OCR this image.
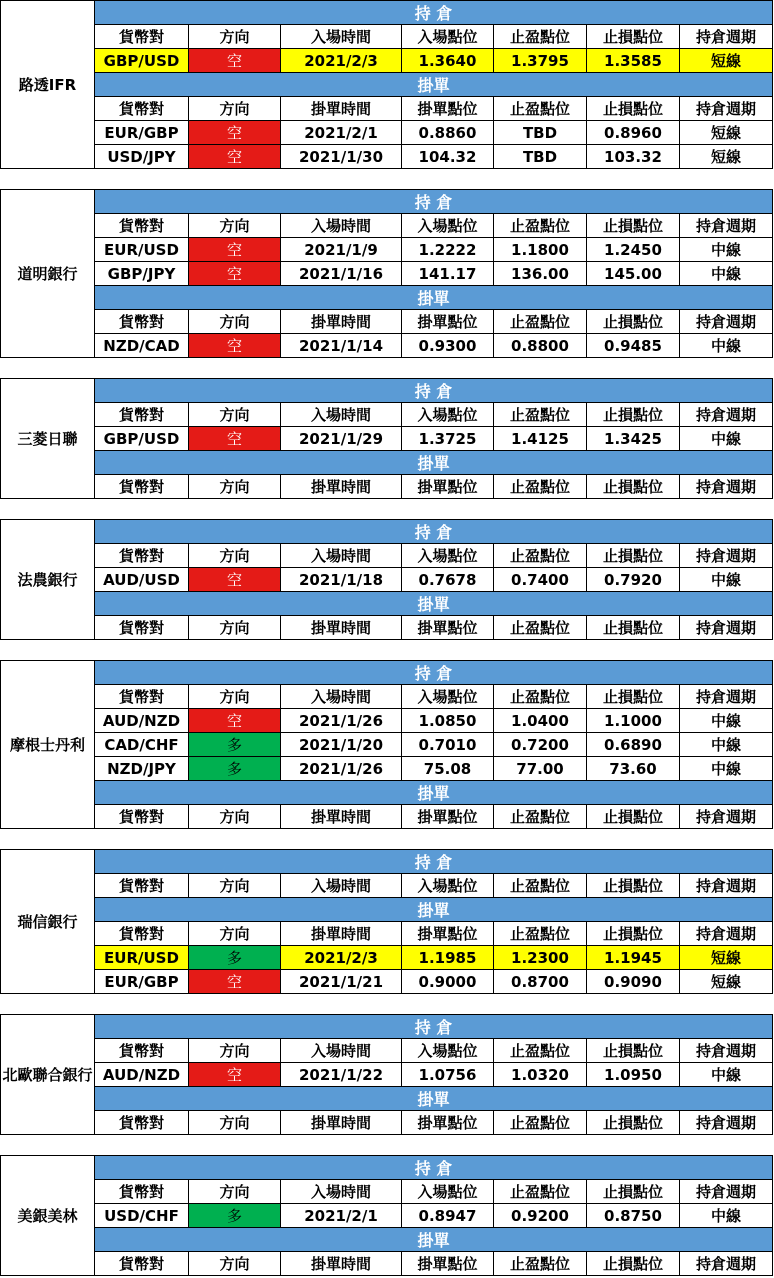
路透IFR	持 倉						
	貨幣對	方向	入場時間	入場點位	止盈點位	止損點位	持倉週期
	GBP/USD	空	2021/2/3	1.3640	1.3795	1.3585	短線
	掛單						
	貨幣對	方向	掛單時間	掛單點位	止盈點位	止損點位	持倉週期
	EUR/GBP	空	2021/2/1	0.8860	TBD	0.8960	短線
	USD/JPY	空	2021/1/30	104.32	TBD	103.32	短線
道明銀行	持 倉						
	貨幣對	方向	入場時間	入場點位	止盈點位	止損點位	持倉週期
	EUR/USD	空	2021/1/9	1.2222	1.1800	1.2450	中線
	GBP/JPY	空	2021/1/16	141.17	136.00	145.00	中線
	掛單						
	貨幣對	方向	掛單時間	掛單點位	止盈點位	止損點位	持倉週期
	NZD/CAD	空	2021/1/14	0.9300	0.8800	0.9485	中線
三菱日聯	持 倉						
	貨幣對	方向	入場時間	入場點位	止盈點位	止損點位	持倉週期
	GBP/USD	空	2021/1/29	1.3725	1.4125	1.3425	中線
	掛單						
	貨幣對	方向	掛單時間	掛單點位	止盈點位	止損點位	持倉週期
法農銀行	持 倉						
	貨幣對	方向	入場時間	入場點位	止盈點位	止損點位	持倉週期
	AUD/USD	空	2021/1/18	0.7678	0.7400	0.7920	中線
	掛單						
	貨幣對	方向	掛單時間	掛單點位	止盈點位	止損點位	持倉週期
摩根士丹利	持 倉						
	貨幣對	方向	入場時間	入場點位	止盈點位	止損點位	持倉週期
	AUD/NZD	空	2021/1/26	1.0850	1.0400	1.1000	中線
	CAD/CHF	多	2021/1/20	0.7010	0.7200	0.6890	中線
	NZD/JPY	多	2021/1/26	75.08	77.00	73.60	中線
	掛單						
	貨幣對	方向	掛單時間	掛單點位	止盈點位	止損點位	持倉週期
瑞信銀行	持 倉						
	貨幣對	方向	入場時間	入場點位	止盈點位	止損點位	持倉週期
	掛單						
	貨幣對	方向	掛單時間	掛單點位	止盈點位	止損點位	持倉週期
	EUR/USD	多	2021/2/3	1.1985	1.2300	1.1945	短線
	EUR/GBP	空	2021/1/21	0.9000	0.8700	0.9090	短線
北歐聯合銀行	持 倉						
	貨幣對	方向	入場時間	入場點位	止盈點位	止損點位	持倉週期
	AUD/NZD	空	2021/1/22	1.0756	1.0320	1.0950	中線
	掛單						
	貨幣對	方向	掛單時間	掛單點位	止盈點位	止損點位	持倉週期
美銀美林	持 倉						
	貨幣對	方向	入場時間	入場點位	止盈點位	止損點位	持倉週期
	USD/CHF	多	2021/2/1	0.8947	0.9200	0.8750	中線
	掛單						
	貨幣對	方向	掛單時間	掛單點位	止盈點位	止損點位	持倉週期
